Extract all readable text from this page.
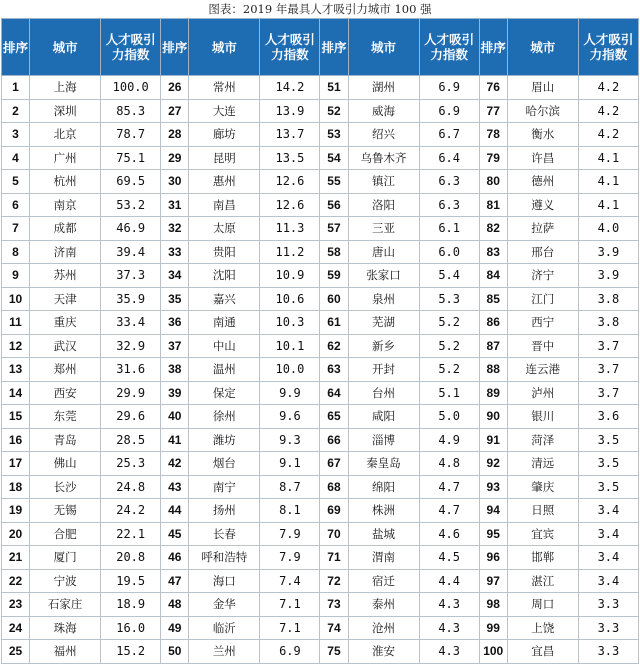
图表：2019 年最具人才吸引力城市 100 强
排序	城市	人才吸引力指数	排序	城市	人才吸引力指数	排序	城市	人才吸引力指数	排序	城市	人才吸引力指数
1	上海	100.0	26	常州	14.2	51	湖州	6.9	76	眉山	4.2
2	深圳	85.3	27	大连	13.9	52	威海	6.9	77	哈尔滨	4.2
3	北京	78.7	28	廊坊	13.7	53	绍兴	6.7	78	衡水	4.2
4	广州	75.1	29	昆明	13.5	54	乌鲁木齐	6.4	79	许昌	4.1
5	杭州	69.5	30	惠州	12.6	55	镇江	6.3	80	德州	4.1
6	南京	53.2	31	南昌	12.6	56	洛阳	6.3	81	遵义	4.1
7	成都	46.9	32	太原	11.3	57	三亚	6.1	82	拉萨	4.0
8	济南	39.4	33	贵阳	11.2	58	唐山	6.0	83	邢台	3.9
9	苏州	37.3	34	沈阳	10.9	59	张家口	5.4	84	济宁	3.9
10	天津	35.9	35	嘉兴	10.6	60	泉州	5.3	85	江门	3.8
11	重庆	33.4	36	南通	10.3	61	芜湖	5.2	86	西宁	3.8
12	武汉	32.9	37	中山	10.1	62	新乡	5.2	87	晋中	3.7
13	郑州	31.6	38	温州	10.0	63	开封	5.2	88	连云港	3.7
14	西安	29.9	39	保定	9.9	64	台州	5.1	89	泸州	3.7
15	东莞	29.6	40	徐州	9.6	65	咸阳	5.0	90	银川	3.6
16	青岛	28.5	41	潍坊	9.3	66	淄博	4.9	91	菏泽	3.5
17	佛山	25.3	42	烟台	9.1	67	秦皇岛	4.8	92	清远	3.5
18	长沙	24.8	43	南宁	8.7	68	绵阳	4.7	93	肇庆	3.5
19	无锡	24.2	44	扬州	8.1	69	株洲	4.7	94	日照	3.4
20	合肥	22.1	45	长春	7.9	70	盐城	4.6	95	宜宾	3.4
21	厦门	20.8	46	呼和浩特	7.9	71	渭南	4.5	96	邯郸	3.4
22	宁波	19.5	47	海口	7.4	72	宿迁	4.4	97	湛江	3.4
23	石家庄	18.9	48	金华	7.1	73	泰州	4.3	98	周口	3.3
24	珠海	16.0	49	临沂	7.1	74	沧州	4.3	99	上饶	3.3
25	福州	15.2	50	兰州	6.9	75	淮安	4.3	100	宜昌	3.3
